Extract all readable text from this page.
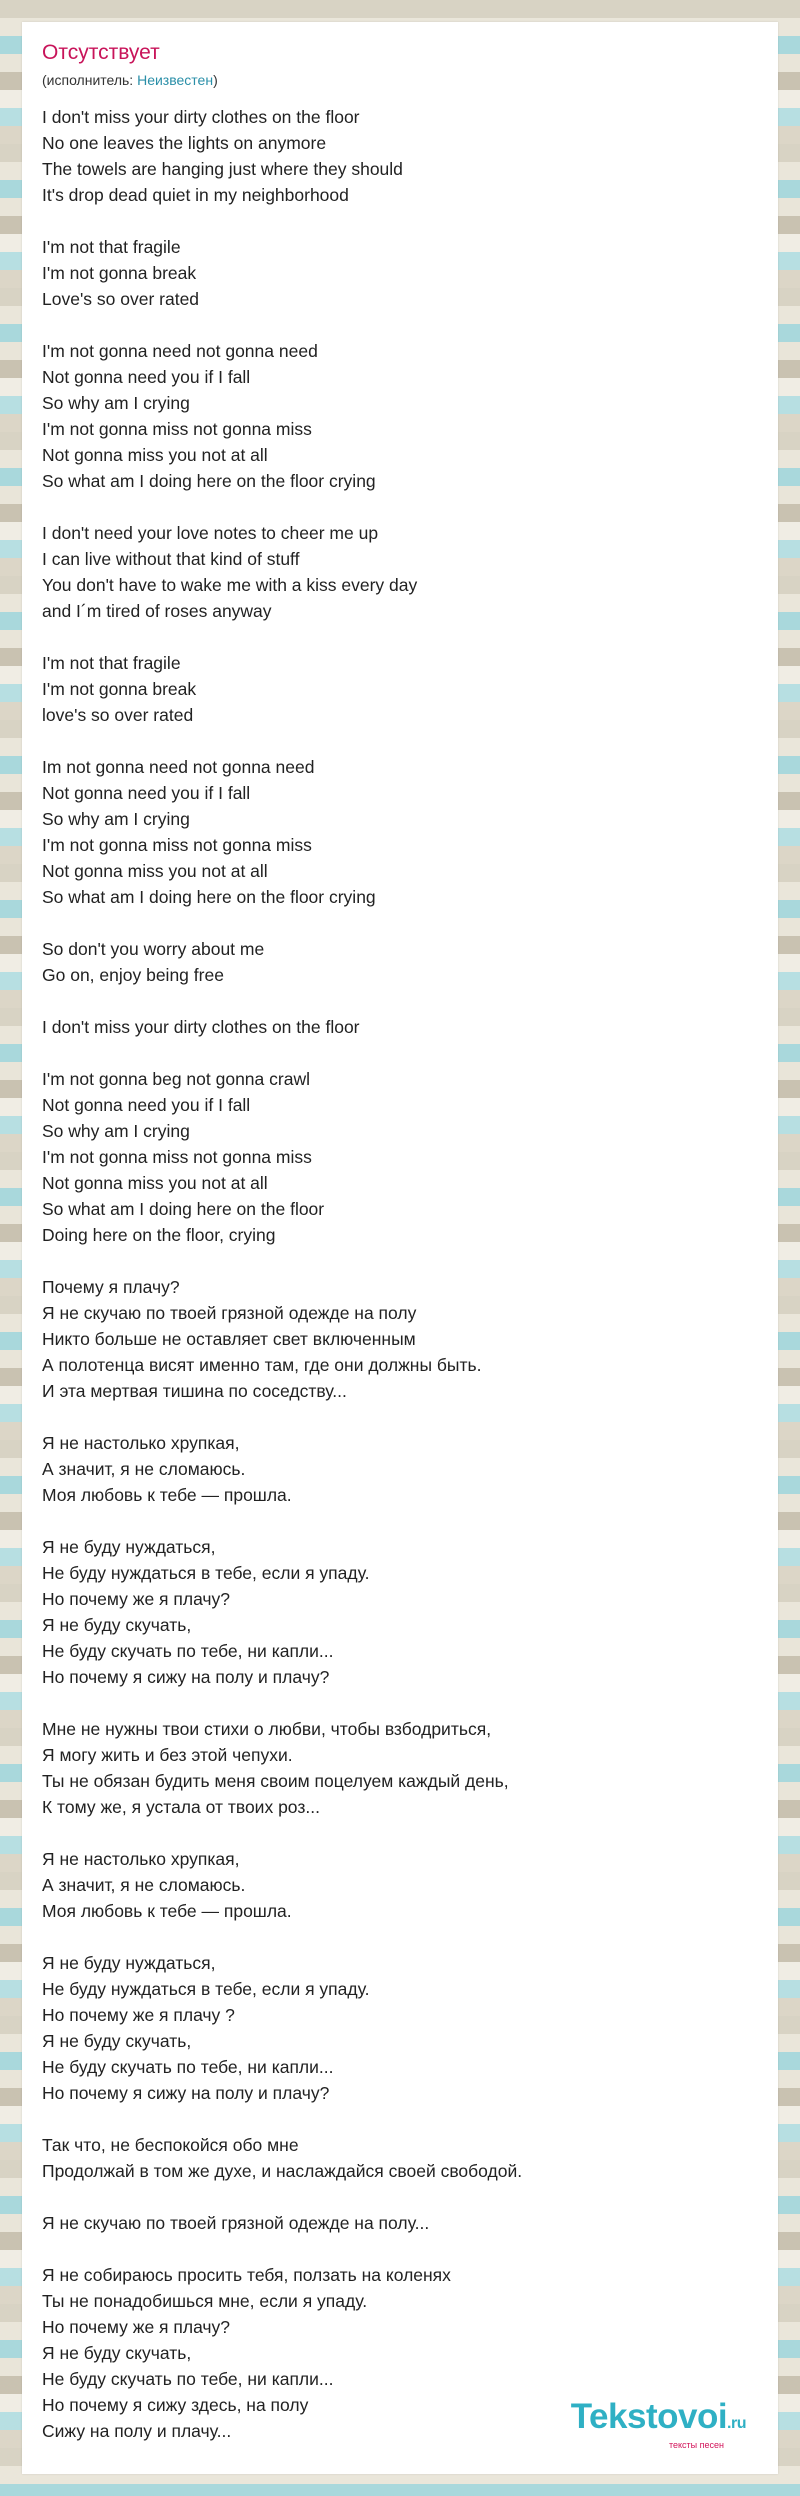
Отсутствует
(исполнитель: Неизвестен)
I don't miss your dirty clothes on the floor
No one leaves the lights on anymore
The towels are hanging just where they should
It's drop dead quiet in my neighborhood
I'm not that fragile
I'm not gonna break
Love's so over rated
I'm not gonna need not gonna need
Not gonna need you if I fall
So why am I crying
I'm not gonna miss not gonna miss
Not gonna miss you not at all
So what am I doing here on the floor crying
I don't need your love notes to cheer me up
I can live without that kind of stuff
You don't have to wake me with a kiss every day
and I´m tired of roses anyway
I'm not that fragile
I'm not gonna break
love's so over rated
Im not gonna need not gonna need
Not gonna need you if I fall
So why am I crying
I'm not gonna miss not gonna miss
Not gonna miss you not at all
So what am I doing here on the floor crying
So don't you worry about me
Go on, enjoy being free
I don't miss your dirty clothes on the floor
I'm not gonna beg not gonna crawl
Not gonna need you if I fall
So why am I crying
I'm not gonna miss not gonna miss
Not gonna miss you not at all
So what am I doing here on the floor
Doing here on the floor, crying
Почему я плачу?
Я не скучаю по твоей грязной одежде на полу
Никто больше не оставляет свет включенным
А полотенца висят именно там, где они должны быть.
И эта мертвая тишина по соседству...
Я не настолько хрупкая,
А значит, я не сломаюсь.
Моя любовь к тебе — прошла.
Я не буду нуждаться,
Не буду нуждаться в тебе, если я упаду.
Но почему же я плачу?
Я не буду скучать,
Не буду скучать по тебе, ни капли...
Но почему я сижу на полу и плачу?
Мне не нужны твои стихи о любви, чтобы взбодриться,
Я могу жить и без этой чепухи.
Ты не обязан будить меня своим поцелуем каждый день,
К тому же, я устала от твоих роз...
Я не настолько хрупкая,
А значит, я не сломаюсь.
Моя любовь к тебе — прошла.
Я не буду нуждаться,
Не буду нуждаться в тебе, если я упаду.
Но почему же я плачу ?
Я не буду скучать,
Не буду скучать по тебе, ни капли...
Но почему я сижу на полу и плачу?
Так что, не беспокойся обо мне
Продолжай в том же духе, и наслаждайся своей свободой.
Я не скучаю по твоей грязной одежде на полу...
Я не собираюсь просить тебя, ползать на коленях
Ты не понадобишься мне, если я упаду.
Но почему же я плачу?
Я не буду скучать,
Не буду скучать по тебе, ни капли...
Но почему я сижу здесь, на полу
Сижу на полу и плачу...	Tekstovoi.ru
тексты песен
